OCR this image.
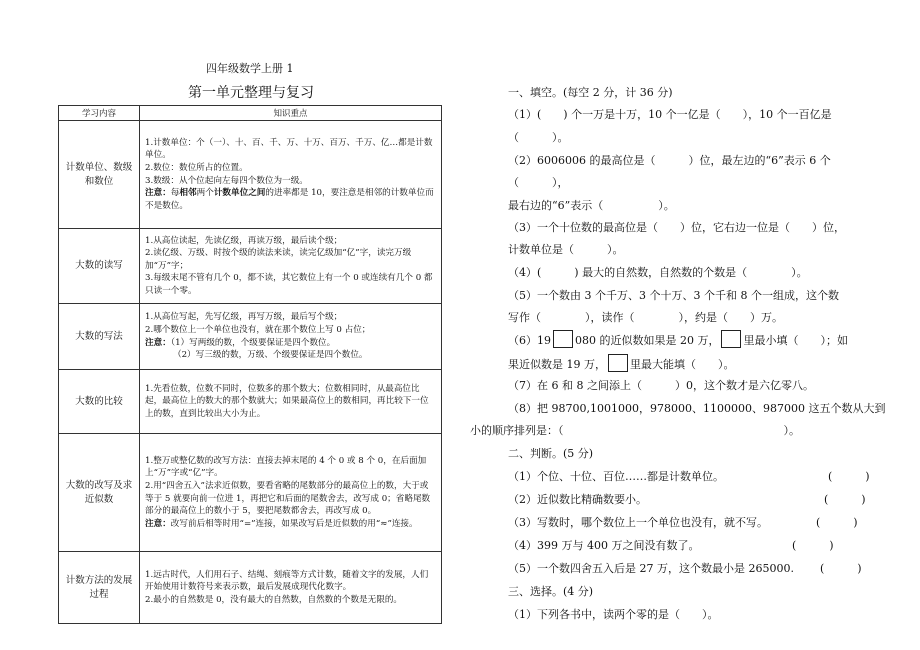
四年级数学上册 1
第一单元整理与复习
学习内容	知识重点
计数单位、数级和数位	1.计数单位：个（一）、十、百、千、万、十万、百万、千万、亿…都是计数单位。
2.数位：数位所占的位置。
3.数级：从个位起向左每四个数位为一级。
注意：每相邻两个计数单位之间的进率都是 10，要注意是相邻的计数单位而不是数位。

大数的读写	1.从高位读起，先读亿级，再读万级，最后读个级；
2.读亿级、万级、时按个级的读法来读，读完亿级加“亿”字，读完万级加“万”字；
3.每级末尾不管有几个 0，都不读，其它数位上有一个 0 或连续有几个 0 都只读一个零。

大数的写法	1.从高位写起，先写亿级，再写万级，最后写个级；
2.哪个数位上一个单位也没有，就在那个数位上写 0 占位；
注意：（1）写两级的数，个级要保证是四个数位。
（2）写三级的数，万级、个级要保证是四个数位。

大数的比较	1.先看位数，位数不同时，位数多的那个数大；位数相同时，从最高位比起，最高位上的数大的那个数就大；如果最高位上的数相同，再比较下一位上的数，直到比较出大小为止。

大数的改写及求近似数	1.整万或整亿数的改写方法：直接去掉末尾的 4 个 0 或 8 个 0，在后面加上“万”字或“亿”字。
2.用“四舍五入”法求近似数，要看省略的尾数部分的最高位上的数，大于或等于 5 就要向前一位进 1，再把它和后面的尾数舍去，改写成 0；省略尾数部分的最高位上的数小于 5，要把尾数都舍去，再改写成 0。
注意：改写前后相等时用“=”连接，如果改写后是近似数的用“≈”连接。

计数方法的发展过程	1.远古时代，人们用石子、结绳、刻痕等方式计数，随着文字的发展，人们开始使用计数符号来表示数，最后发展成现代化数字。
2.最小的自然数是 0，没有最大的自然数，自然数的个数是无限的。
一、填空。(每空 2 分，计 36 分)
（1）(　　) 个一万是十万，10 个一亿是（　　），10 个一百亿是
（　　　）。
（2）6006006 的最高位是（　　　）位，最左边的“6”表示 6 个
（　　　），
最右边的“6”表示（　　　　　）。
（3）一个十位数的最高位是（　　）位，它右边一位是（　　）位，
计数单位是（　　　）。
（4）(　　　) 最大的自然数，自然数的个数是（　　　　）。
（5）一个数由 3 个千万、3 个十万、3 个千和 8 个一组成，这个数
写作（　　　　），读作（　　　　），约是（　　）万。
（6）19 080 的近似数如果是 20 万， 里最小填（　　）；如
果近似数是 19 万， 里最大能填（　　）。
（7）在 6 和 8 之间添上（　　　）0，这个数才是六亿零八。
（8）把 98700,1001000，978000、1100000、987000 这五个数从大到
小的顺序排列是：（　　　　　　　　　　　　　　　　　　　　）。
二、判断。(5 分)
（1）个位、十位、百位……都是计数单位。	(　　　)
（2）近似数比精确数要小。	(　　　)
（3）写数时，哪个数位上一个单位也没有，就不写。	(　　　)
（4）399 万与 400 万之间没有数了。	(　　　)
（5）一个数四舍五入后是 27 万，这个数最小是 265000. (　　　)
三、选择。(4 分)
（1）下列各书中，读两个零的是（　　）。
